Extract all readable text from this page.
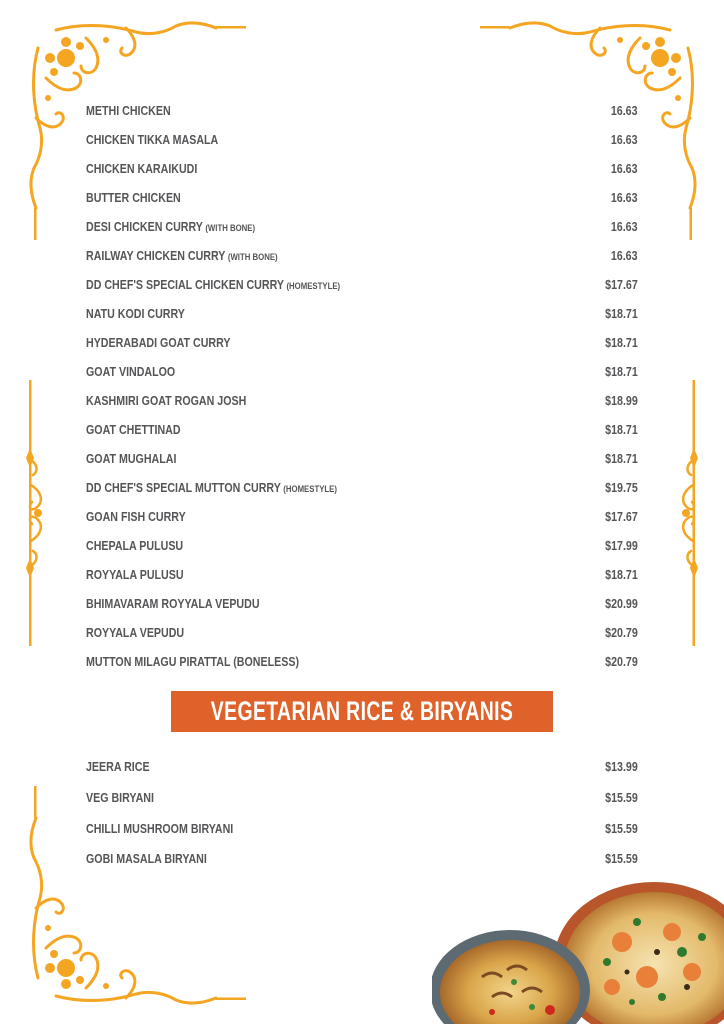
METHI CHICKEN	16.63
CHICKEN TIKKA MASALA	16.63
CHICKEN KARAIKUDI	16.63
BUTTER CHICKEN	16.63
DESI CHICKEN CURRY (WITH BONE)	16.63
RAILWAY CHICKEN CURRY (WITH BONE)	16.63
DD CHEF'S SPECIAL CHICKEN CURRY (HOMESTYLE)	$17.67
NATU KODI CURRY	$18.71
HYDERABADI GOAT CURRY	$18.71
GOAT VINDALOO	$18.71
KASHMIRI GOAT ROGAN JOSH	$18.99
GOAT CHETTINAD	$18.71
GOAT MUGHALAI	$18.71
DD CHEF'S SPECIAL MUTTON CURRY (HOMESTYLE)	$19.75
GOAN FISH CURRY	$17.67
CHEPALA PULUSU	$17.99
ROYYALA PULUSU	$18.71
BHIMAVARAM ROYYALA VEPUDU	$20.99
ROYYALA VEPUDU	$20.79
MUTTON MILAGU PIRATTAL (BONELESS)	$20.79
VEGETARIAN RICE & BIRYANIS
JEERA RICE	$13.99
VEG BIRYANI	$15.59
CHILLI MUSHROOM BIRYANI	$15.59
GOBI MASALA BIRYANI	$15.59
